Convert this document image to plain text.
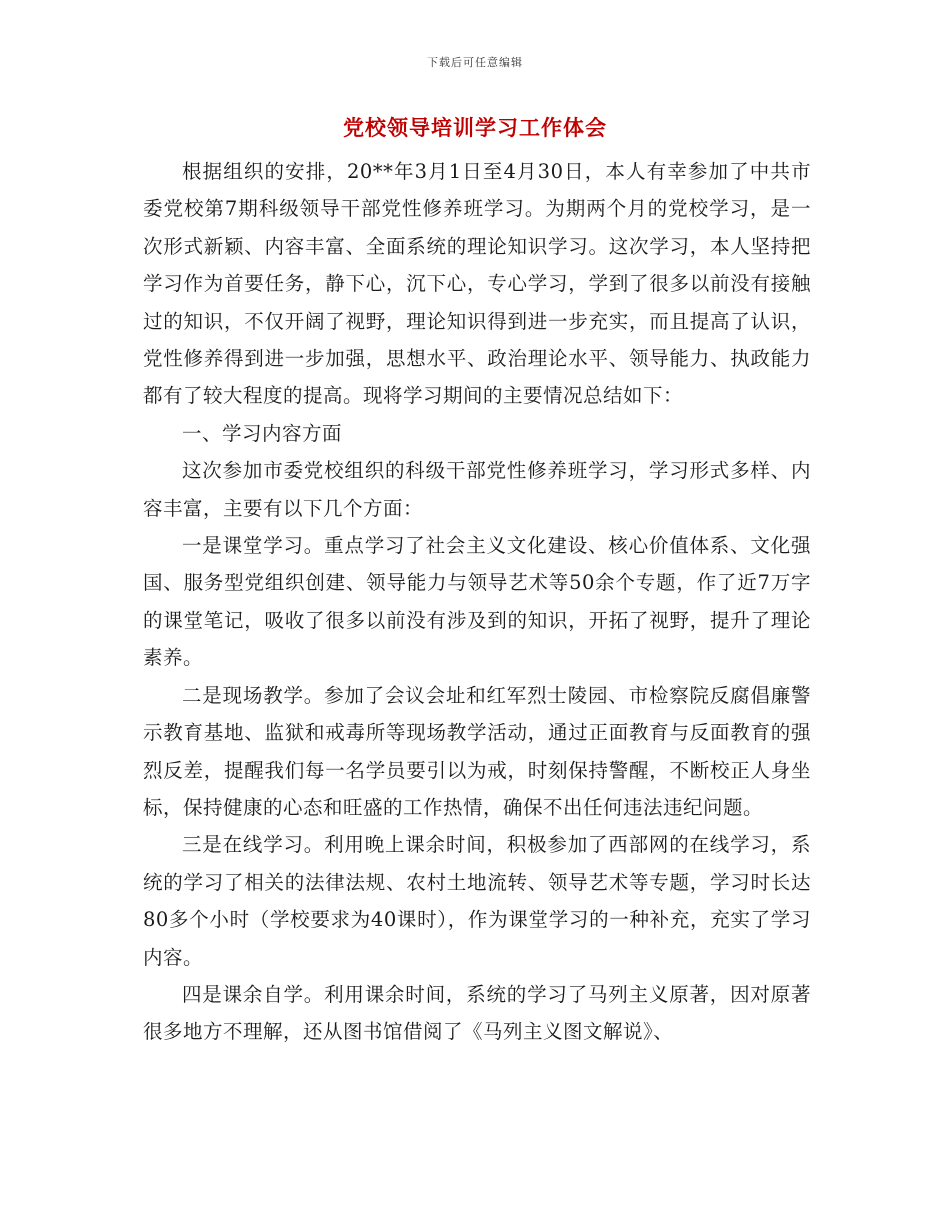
下载后可任意编辑
党校领导培训学习工作体会

根据组织的安排，20**年3月1日至4月30日，本人有幸参加了中共市委党校第7期科级领导干部党性修养班学习。为期两个月的党校学习，是一次形式新颖、内容丰富、全面系统的理论知识学习。这次学习，本人坚持把学习作为首要任务，静下心，沉下心，专心学习，学到了很多以前没有接触过的知识，不仅开阔了视野，理论知识得到进一步充实，而且提高了认识，党性修养得到进一步加强，思想水平、政治理论水平、领导能力、执政能力都有了较大程度的提高。现将学习期间的主要情况总结如下：

一、学习内容方面

这次参加市委党校组织的科级干部党性修养班学习，学习形式多样、内容丰富，主要有以下几个方面：

一是课堂学习。重点学习了社会主义文化建设、核心价值体系、文化强国、服务型党组织创建、领导能力与领导艺术等50余个专题，作了近7万字的课堂笔记，吸收了很多以前没有涉及到的知识，开拓了视野，提升了理论素养。

二是现场教学。参加了会议会址和红军烈士陵园、市检察院反腐倡廉警示教育基地、监狱和戒毒所等现场教学活动，通过正面教育与反面教育的强烈反差，提醒我们每一名学员要引以为戒，时刻保持警醒，不断校正人身坐标，保持健康的心态和旺盛的工作热情，确保不出任何违法违纪问题。

三是在线学习。利用晚上课余时间，积极参加了西部网的在线学习，系统的学习了相关的法律法规、农村土地流转、领导艺术等专题，学习时长达80多个小时（学校要求为40课时），作为课堂学习的一种补充，充实了学习内容。

四是课余自学。利用课余时间，系统的学习了马列主义原著，因对原著很多地方不理解，还从图书馆借阅了《马列主义图文解说》、
